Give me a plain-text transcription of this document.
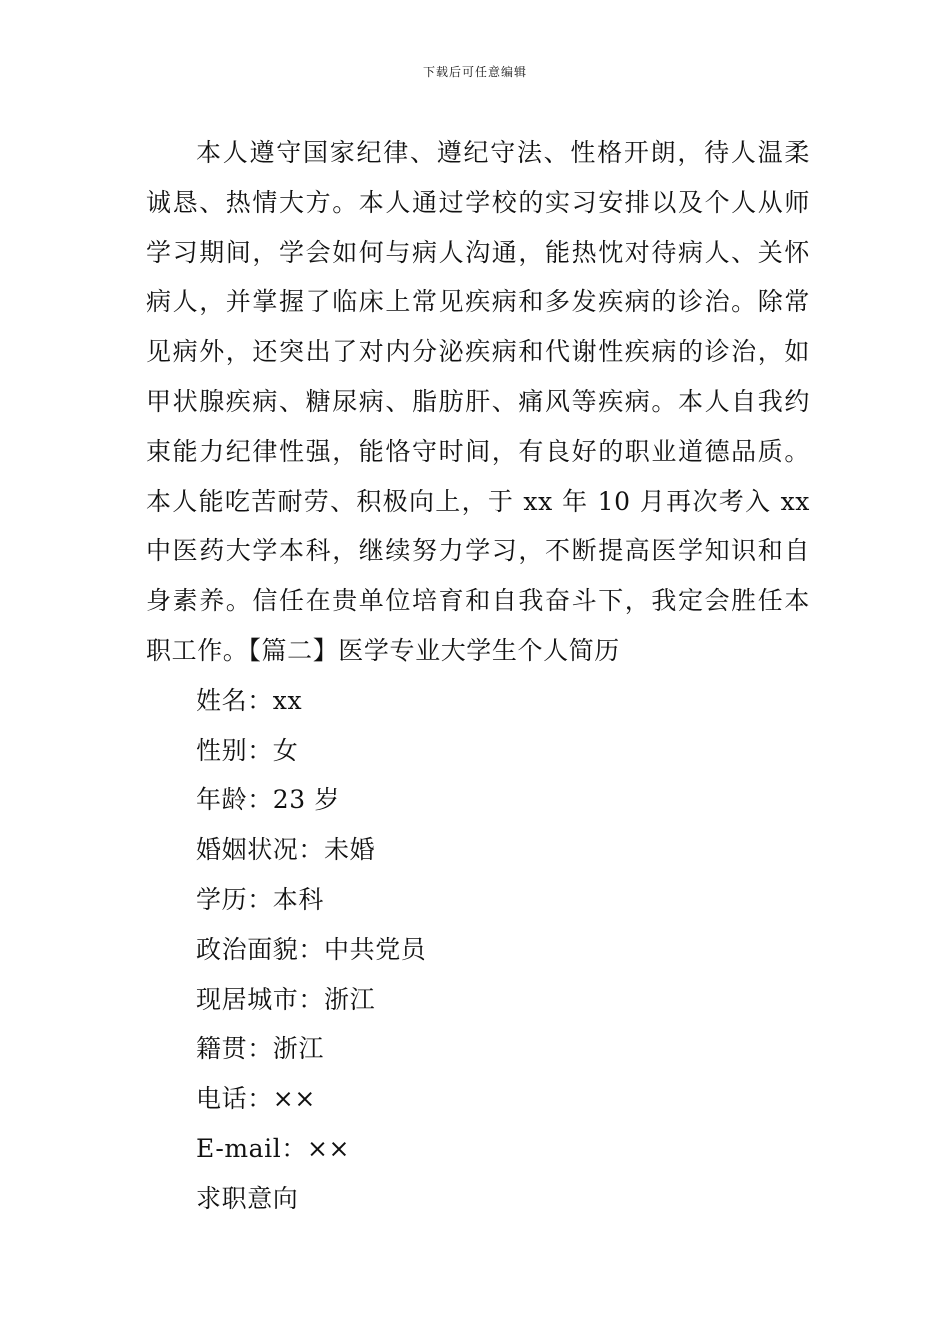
下载后可任意编辑

本人遵守国家纪律、遵纪守法、性格开朗，待人温柔诚恳、热情大方。本人通过学校的实习安排以及个人从师学习期间，学会如何与病人沟通，能热忱对待病人、关怀病人，并掌握了临床上常见疾病和多发疾病的诊治。除常见病外，还突出了对内分泌疾病和代谢性疾病的诊治，如甲状腺疾病、糖尿病、脂肪肝、痛风等疾病。本人自我约束能力纪律性强，能恪守时间，有良好的职业道德品质。本人能吃苦耐劳、积极向上，于 xx 年 10 月再次考入 xx 中医药大学本科，继续努力学习，不断提高医学知识和自身素养。信任在贵单位培育和自我奋斗下，我定会胜任本职工作。【篇二】医学专业大学生个人简历

姓名：xx
性别：女
年龄：23 岁
婚姻状况：未婚
学历：本科
政治面貌：中共党员
现居城市：浙江
籍贯：浙江
电话：××
E-mail：××
求职意向
